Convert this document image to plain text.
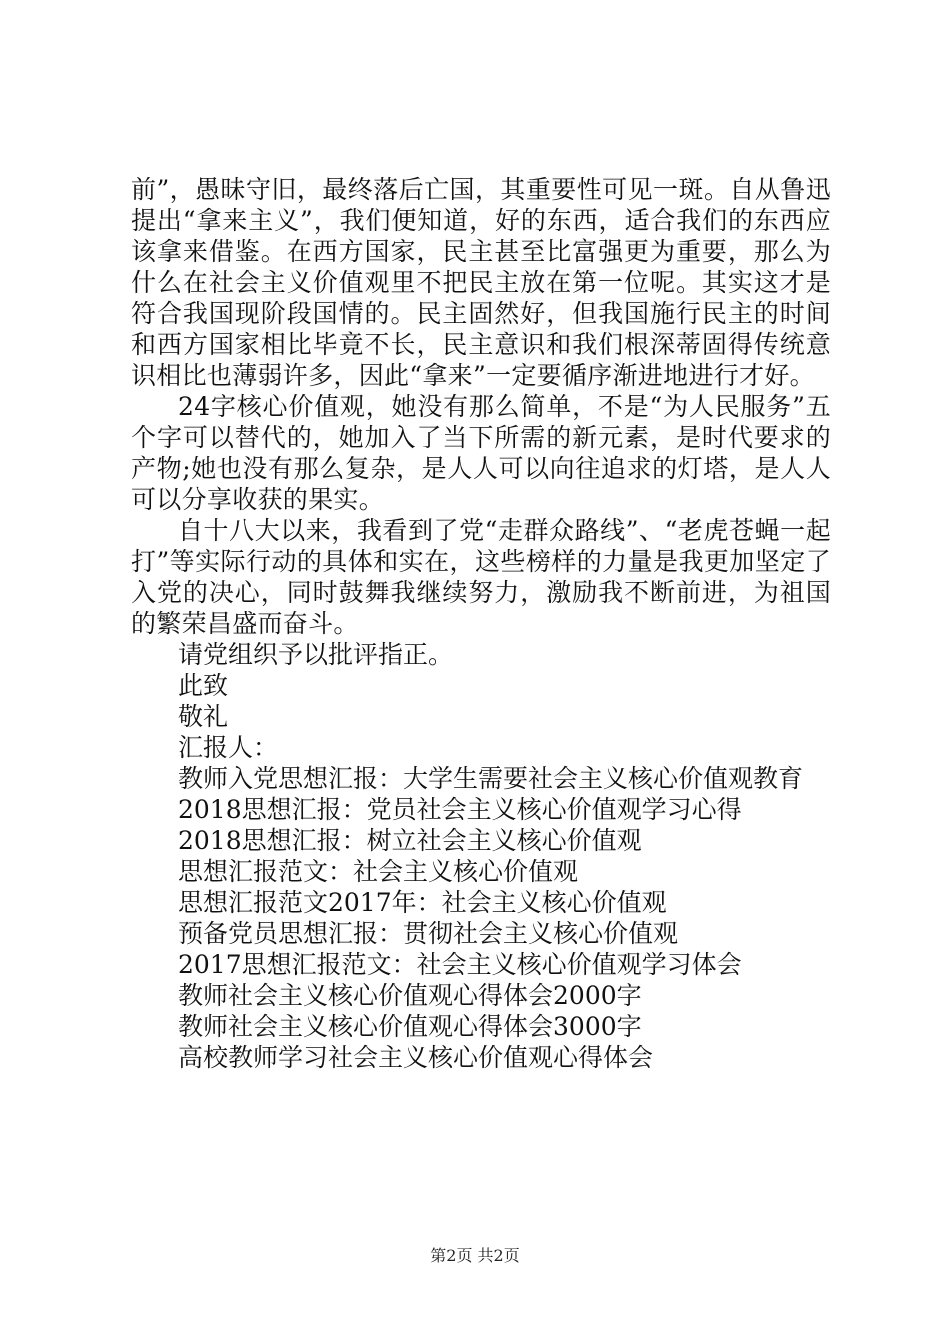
前”，愚昧守旧，最终落后亡国，其重要性可见一斑。自从鲁迅提出“拿来主义”，我们便知道，好的东西，适合我们的东西应该拿来借鉴。在西方国家，民主甚至比富强更为重要，那么为什么在社会主义价值观里不把民主放在第一位呢。其实这才是符合我国现阶段国情的。民主固然好，但我国施行民主的时间和西方国家相比毕竟不长，民主意识和我们根深蒂固得传统意识相比也薄弱许多，因此“拿来”一定要循序渐进地进行才好。

24字核心价值观，她没有那么简单，不是“为人民服务”五个字可以替代的，她加入了当下所需的新元素，是时代要求的产物;她也没有那么复杂，是人人可以向往追求的灯塔，是人人可以分享收获的果实。

自十八大以来，我看到了党“走群众路线”、“老虎苍蝇一起打”等实际行动的具体和实在，这些榜样的力量是我更加坚定了入党的决心，同时鼓舞我继续努力，激励我不断前进，为祖国的繁荣昌盛而奋斗。

请党组织予以批评指正。

此致

敬礼

汇报人：

教师入党思想汇报：大学生需要社会主义核心价值观教育

2018思想汇报：党员社会主义核心价值观学习心得

2018思想汇报：树立社会主义核心价值观

思想汇报范文：社会主义核心价值观

思想汇报范文2017年：社会主义核心价值观

预备党员思想汇报：贯彻社会主义核心价值观

2017思想汇报范文：社会主义核心价值观学习体会

教师社会主义核心价值观心得体会2000字

教师社会主义核心价值观心得体会3000字

高校教师学习社会主义核心价值观心得体会

第2页 共2页
